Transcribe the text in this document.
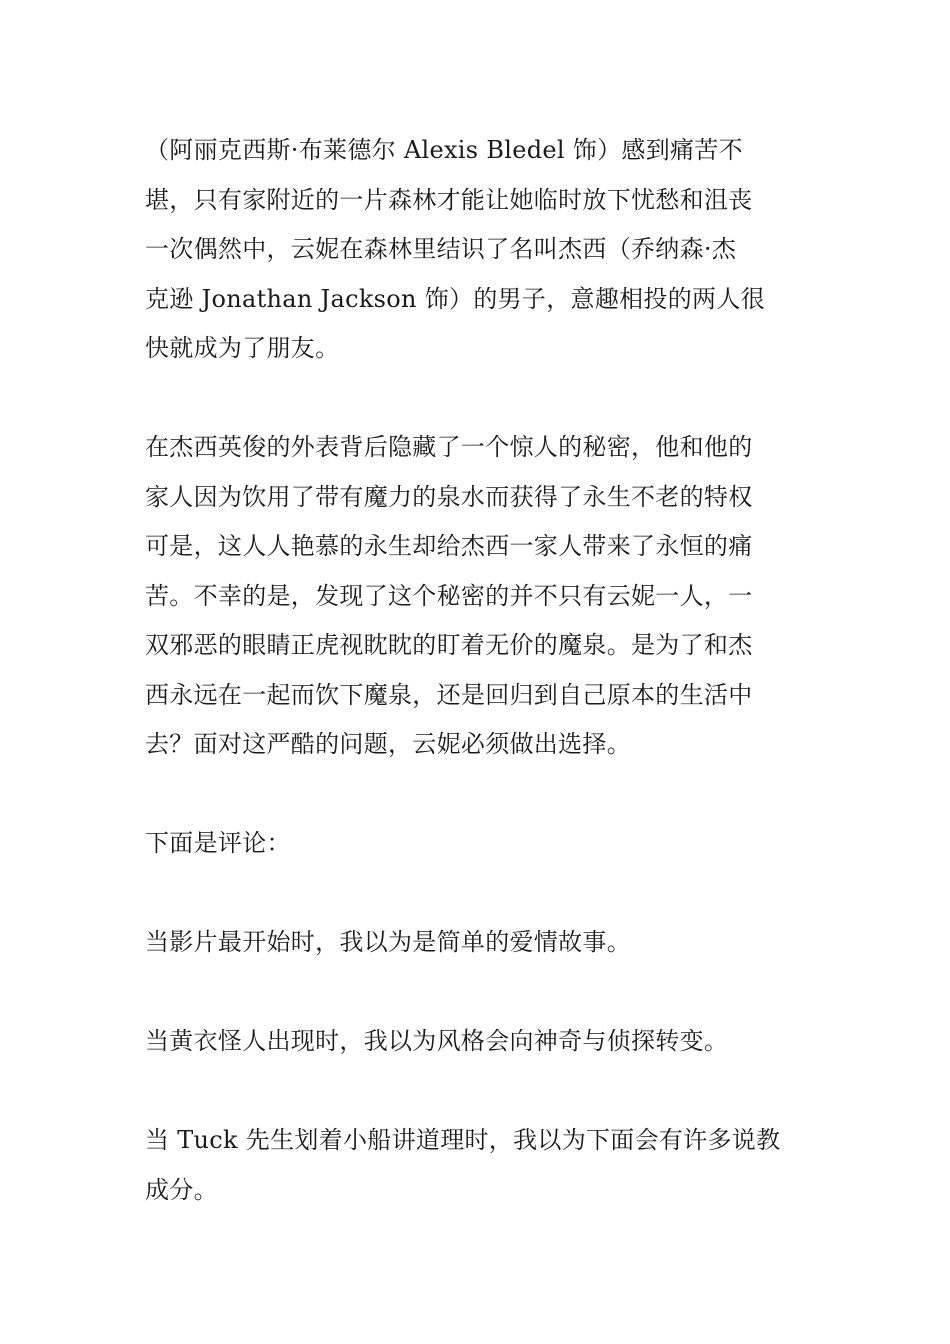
（阿丽克西斯·布莱德尔 Alexis Bledel 饰）感到痛苦不
堪，只有家附近的一片森林才能让她临时放下忧愁和沮丧
一次偶然中，云妮在森林里结识了名叫杰西（乔纳森·杰
克逊 Jonathan Jackson 饰）的男子，意趣相投的两人很
快就成为了朋友。

在杰西英俊的外表背后隐藏了一个惊人的秘密，他和他的
家人因为饮用了带有魔力的泉水而获得了永生不老的特权
可是，这人人艳慕的永生却给杰西一家人带来了永恒的痛
苦。不幸的是，发现了这个秘密的并不只有云妮一人，一
双邪恶的眼睛正虎视眈眈的盯着无价的魔泉。是为了和杰
西永远在一起而饮下魔泉，还是回归到自己原本的生活中
去？面对这严酷的问题，云妮必须做出选择。

下面是评论：

当影片最开始时，我以为是简单的爱情故事。

当黄衣怪人出现时，我以为风格会向神奇与侦探转变。

当 Tuck 先生划着小船讲道理时，我以为下面会有许多说教
成分。
